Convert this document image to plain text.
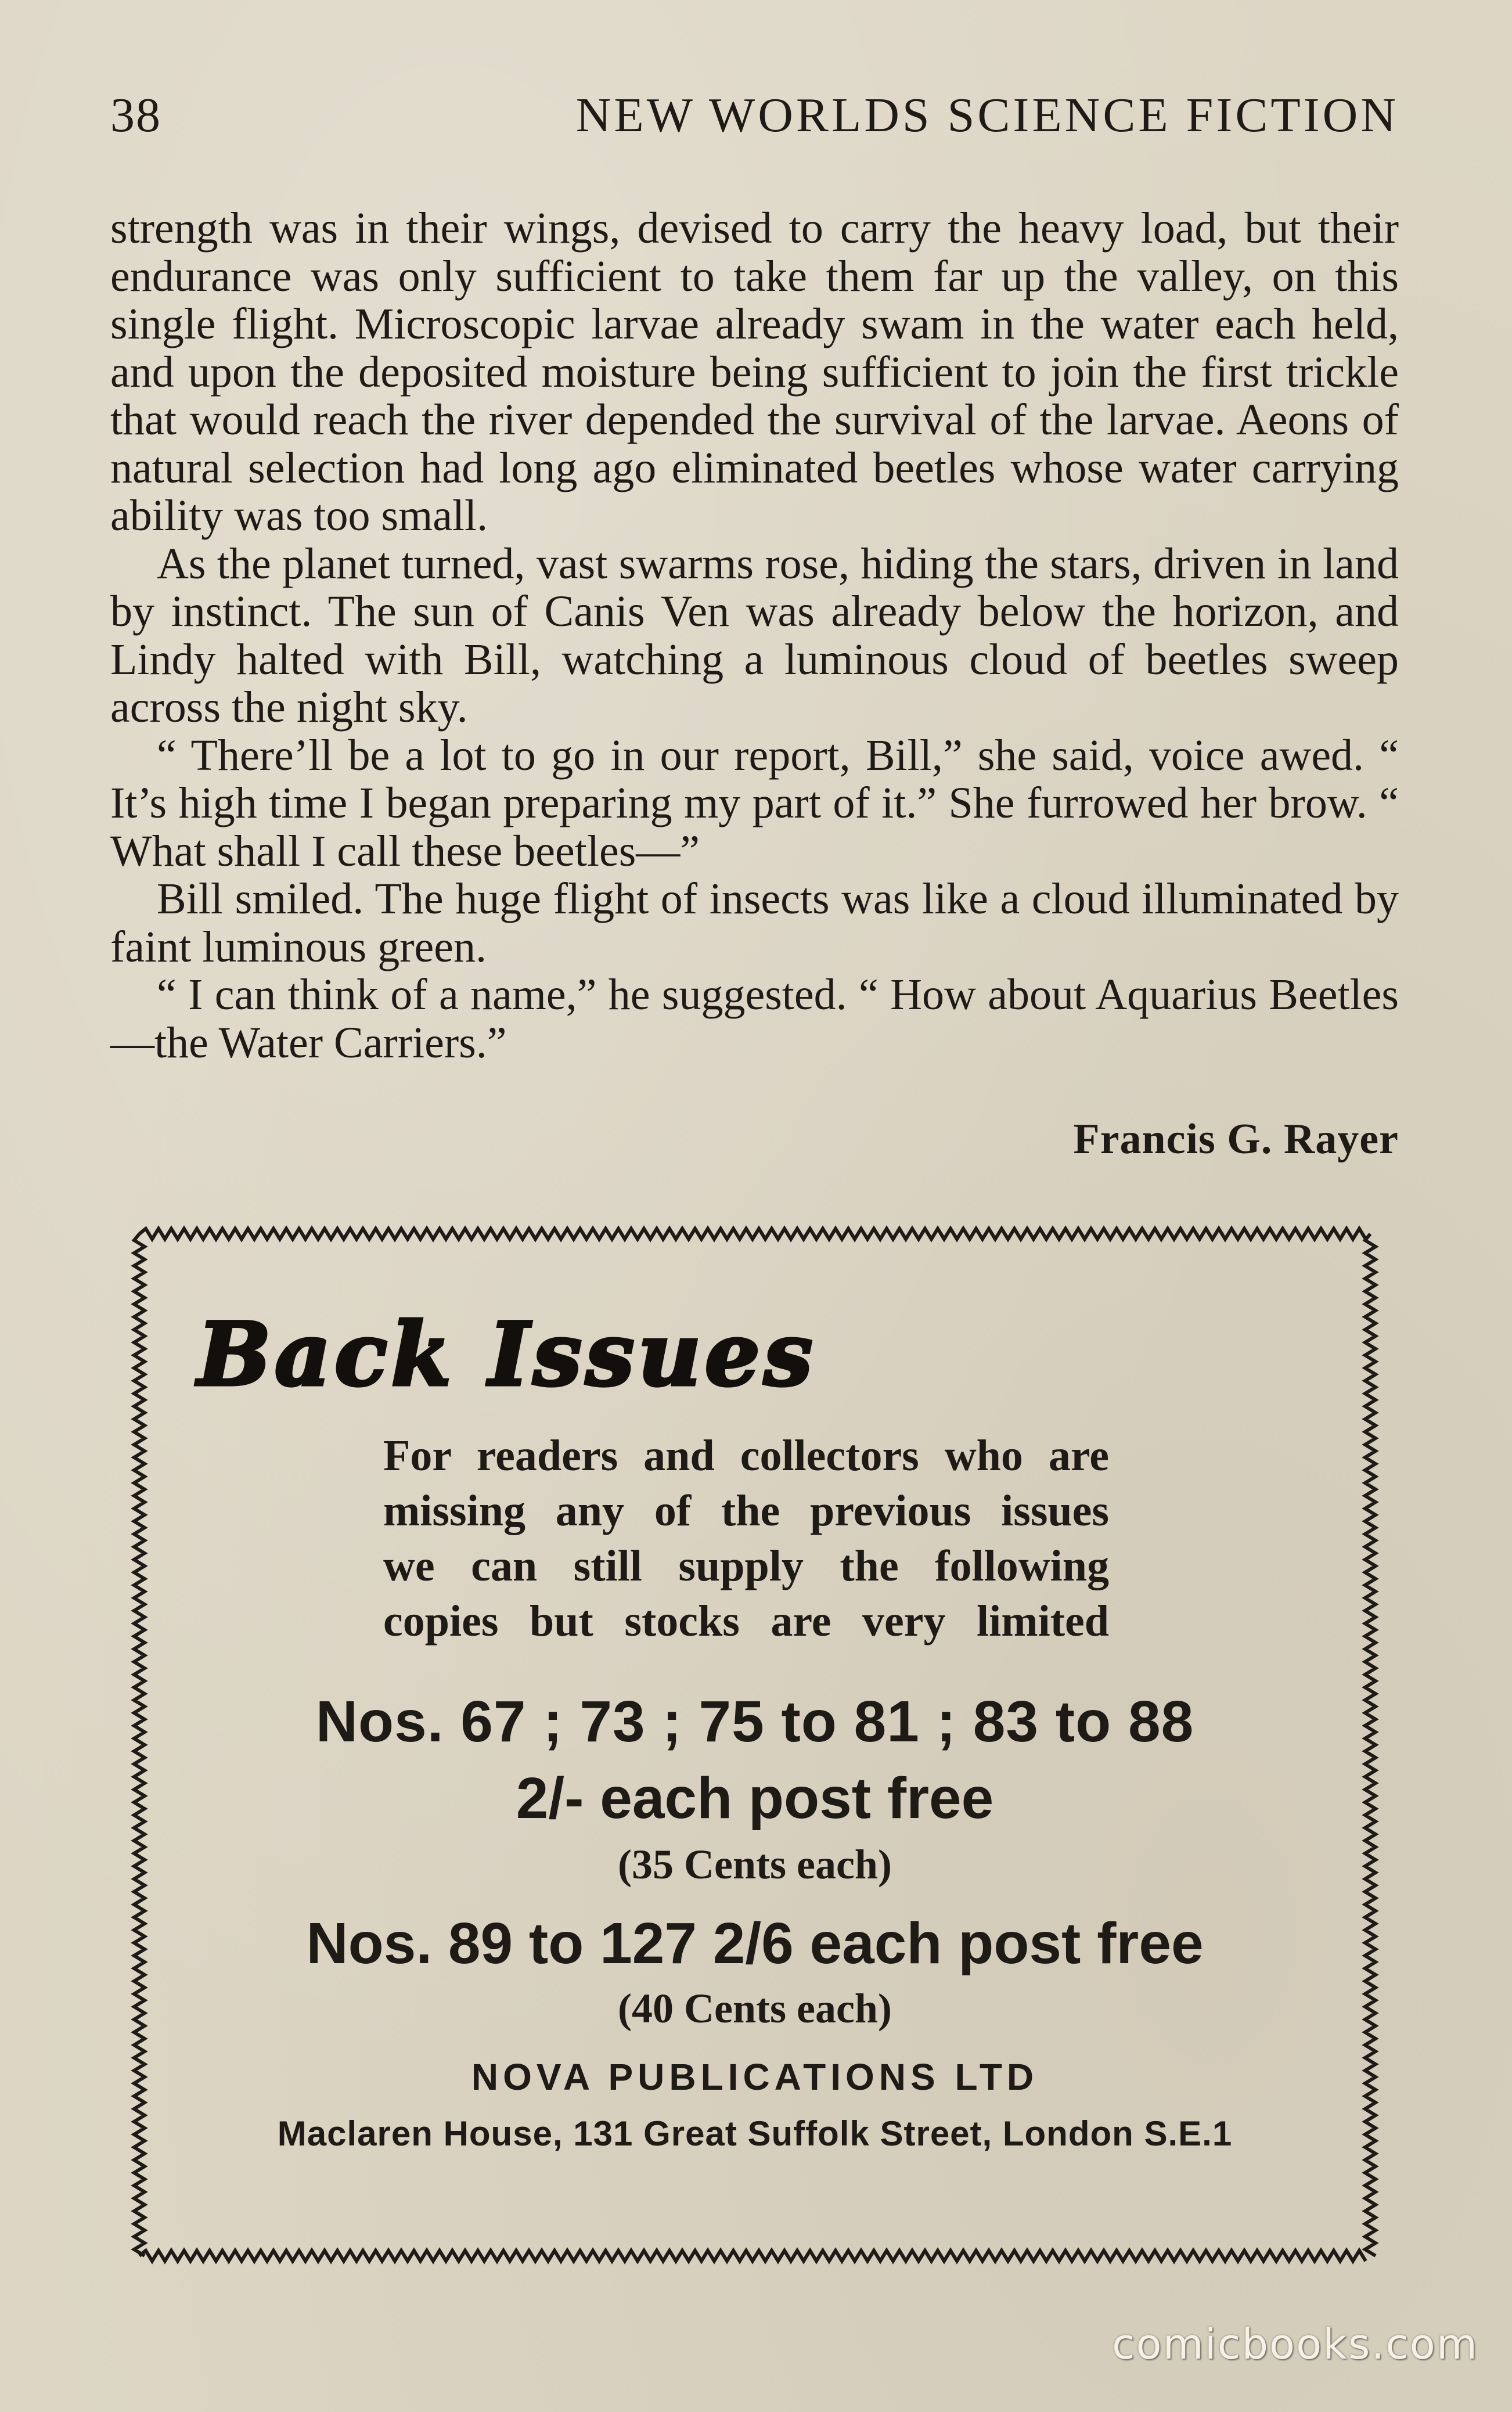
38	NEW WORLDS SCIENCE FICTION

strength was in their wings, devised to carry the heavy load, but their endurance was only sufficient to take them far up the valley, on this single flight. Microscopic larvae already swam in the water each held, and upon the deposited moisture being sufficient to join the first trickle that would reach the river depended the survival of the larvae. Aeons of natural selection had long ago eliminated beetles whose water carrying ability was too small.

As the planet turned, vast swarms rose, hiding the stars, driven in land by instinct. The sun of Canis Ven was already below the horizon, and Lindy halted with Bill, watching a luminous cloud of beetles sweep across the night sky.

“ There’ll be a lot to go in our report, Bill,” she said, voice awed. “ It’s high time I began preparing my part of it.” She furrowed her brow. “ What shall I call these beetles—”

Bill smiled. The huge flight of insects was like a cloud illuminated by faint luminous green.

“ I can think of a name,” he suggested. “ How about Aquarius Beetles—the Water Carriers.”

Francis G. Rayer
Back Issues
For readers and collectors who are
missing any of the previous issues
we can still supply the following
copies but stocks are very limited
Nos. 67 ; 73 ; 75 to 81 ; 83 to 88
2/- each post free
(35 Cents each)
Nos. 89 to 127 2/6 each post free
(40 Cents each)
NOVA PUBLICATIONS LTD
Maclaren House, 131 Great Suffolk Street, London S.E.1
comicbooks.com
